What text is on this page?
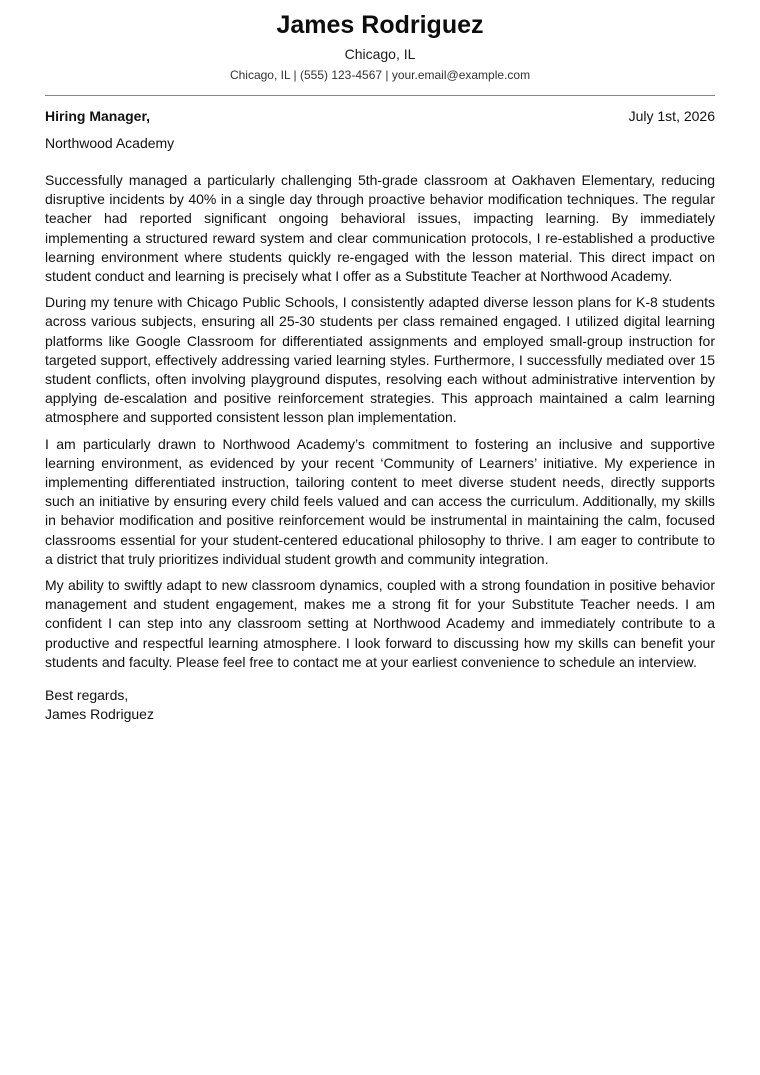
James Rodriguez
Chicago, IL
Chicago, IL | (555) 123-4567 | your.email@example.com
Hiring Manager,	July 1st, 2026
Northwood Academy

Successfully managed a particularly challenging 5th-grade classroom at Oakhaven Elementary, reducing disruptive incidents by 40% in a single day through proactive behavior modification techniques. The regular teacher had reported significant ongoing behavioral issues, impacting learning. By immediately implementing a structured reward system and clear communication protocols, I re-established a productive learning environment where students quickly re-engaged with the lesson material. This direct impact on student conduct and learning is precisely what I offer as a Substitute Teacher at Northwood Academy.

During my tenure with Chicago Public Schools, I consistently adapted diverse lesson plans for K-8 students across various subjects, ensuring all 25-30 students per class remained engaged. I utilized digital learning platforms like Google Classroom for differentiated assignments and employed small-group instruction for targeted support, effectively addressing varied learning styles. Furthermore, I successfully mediated over 15 student conflicts, often involving playground disputes, resolving each without administrative intervention by applying de-escalation and positive reinforcement strategies. This approach maintained a calm learning atmosphere and supported consistent lesson plan implementation.

I am particularly drawn to Northwood Academy’s commitment to fostering an inclusive and supportive learning environment, as evidenced by your recent ‘Community of Learners’ initiative. My experience in implementing differentiated instruction, tailoring content to meet diverse student needs, directly supports such an initiative by ensuring every child feels valued and can access the curriculum. Additionally, my skills in behavior modification and positive reinforcement would be instrumental in maintaining the calm, focused classrooms essential for your student-centered educational philosophy to thrive. I am eager to contribute to a district that truly prioritizes individual student growth and community integration.

My ability to swiftly adapt to new classroom dynamics, coupled with a strong foundation in positive behavior management and student engagement, makes me a strong fit for your Substitute Teacher needs. I am confident I can step into any classroom setting at Northwood Academy and immediately contribute to a productive and respectful learning atmosphere. I look forward to discussing how my skills can benefit your students and faculty. Please feel free to contact me at your earliest convenience to schedule an interview.

Best regards,
James Rodriguez
